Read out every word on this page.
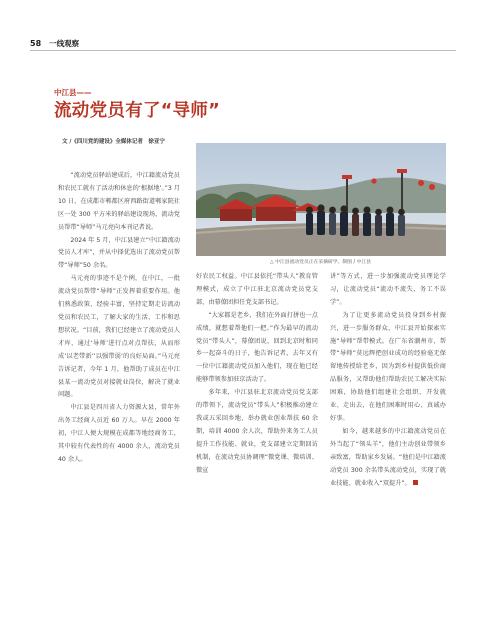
58 一线观察
中江县——
流动党员有了“导师”
文 /《四川党的建设》全媒体记者　徐亚宁

“流动党员驿站建成后，中江籍流动党员和农民工就有了活动和休息的‘根据地’。”3 月 10 日，在成都市郫都区府西路街道郫家院社区一处 300 平方米的驿站建设现场，流动党员帮带“导师”马元亮向本刊记者说。

2024 年 5 月，中江县建立“中江籍流动党员人才库”，并从中择优选出了流动党员帮带“导师”50 余名。

马元亮的事迹不是个例，在中江，一批流动党员帮带“导师”正发挥着重要作用。他们熟悉政策、经验丰富，坚持定期走访流动党员和农民工，了解大家的生活、工作和思想状况。“目前，我们已经建立了流动党员人才库，通过‘导师’进行点对点帮扶，从而形成‘以老带新’‘以强带弱’的良好局面。”马元亮告诉记者，今年 1 月，他帮助了成员在中江县某一流动党员对接就业岗位，解决了就业问题。

中江县是四川省人力资源大县，常年外出务工经商人员近 60 万人。早在 2000 年初，中江人便大规模在成都等地经商务工，其中较有代表性的有 4000 余人，流动党员 40 余人。

△ 中江县流动党员正在采摘研学。制图 / 中江县

好农民工权益。中江县依托“带头人”教育管理模式，成立了中江驻北京流动党员党支部，由幕僚团担任党支部书记。

“大家都是老乡，我们在外面打拼也一点成绩，就想着帮他们一把。”作为最早的流动党员“带头人”，幕僚团说，回到北京时和同乡一起奋斗的日子，他告诉记者，去年又有一位中江籍流动党员加入他们，现在他已经能够带领参加驻京活动了。

多年来，中江县驻北京流动党员党支部的带领下，流动党员“带头人”积极推动建立我或五采回乡地，举办就业创业帮扶 60 余期，培训 4000 余人次，帮助外来务工人员提升工作技能、就业，党支部建立定期回访机制，在流动党员协调理“微党课、微培训、微宣

讲”等方式，进一步加强流动党员理论学习，让流动党员“流动不流失，务工不误学”。

为了让更多流动党员投身到乡村振兴，进一步服务群众，中江县开始探索实施“导师”帮带模式。在广东省潮州市，帮带“导师”莫远辉把创业成功的经验毫无保留地传授给老乡，因为到乡村提供低价商品服务，又帮助他们帮助农民工解决实际困难，协助他们组建社会组织、开发就业、走出去，在他们困难时用心、真诚办好事。

如今，越来越多的中江籍流动党员在外当起了“领头羊”，他们主动创业带领乡亲致富，帮助家乡发展。“他们是中江籍流动党员 300 余名带头流动党员，实现了就业技能、就业收入“双提升”。
